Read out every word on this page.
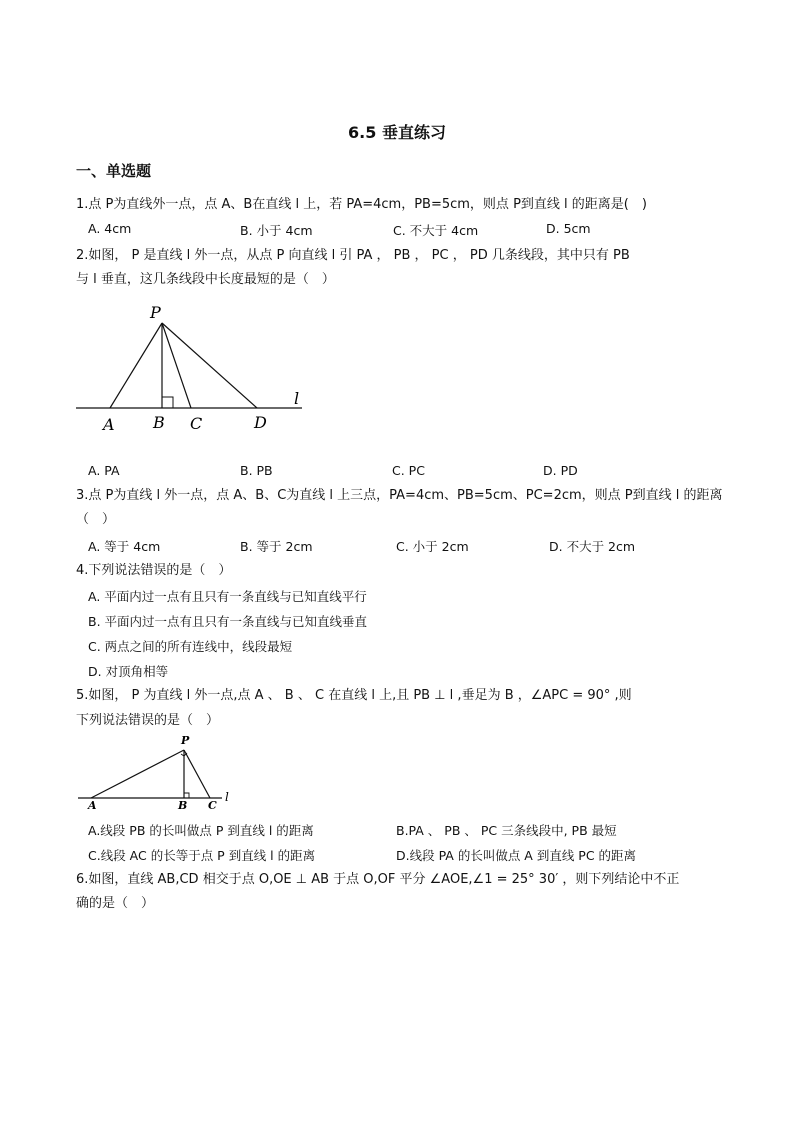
6.5 垂直练习
一、单选题
1.点 P为直线外一点，点 A、B在直线 l 上，若 PA=4cm，PB=5cm，则点 P到直线 l 的距离是(　)
A. 4cm	B. 小于 4cm	C. 不大于 4cm	D. 5cm
2.如图， P 是直线 l 外一点，从点 P 向直线 l 引 PA ， PB ， PC ， PD 几条线段，其中只有 PB
与 l 垂直，这几条线段中长度最短的是（　）
P
l
A B C	D
A. PA	B. PB	C. PC	D. PD
3.点 P为直线 l 外一点，点 A、B、C为直线 l 上三点，PA=4cm、PB=5cm、PC=2cm，则点 P到直线 l 的距离
（　）
A. 等于 4cm	B. 等于 2cm	C. 小于 2cm	D. 不大于 2cm
4.下列说法错误的是（　）
A. 平面内过一点有且只有一条直线与已知直线平行
B. 平面内过一点有且只有一条直线与已知直线垂直
C. 两点之间的所有连线中，线段最短
D. 对顶角相等
5.如图， P 为直线 l 外一点,点 A 、 B 、 C 在直线 l 上,且 PB ⊥ l ,垂足为 B ，∠APC = 90° ,则
下列说法错误的是（　）
P
A	B C
l
A.线段 PB 的长叫做点 P 到直线 l 的距离	B.PA 、 PB 、 PC 三条线段中, PB 最短
C.线段 AC 的长等于点 P 到直线 l 的距离	D.线段 PA 的长叫做点 A 到直线 PC 的距离
6.如图，直线 AB,CD 相交于点 O,OE ⊥ AB 于点 O,OF 平分 ∠AOE,∠1 = 25° 30′ ，则下列结论中不正
确的是（　）
